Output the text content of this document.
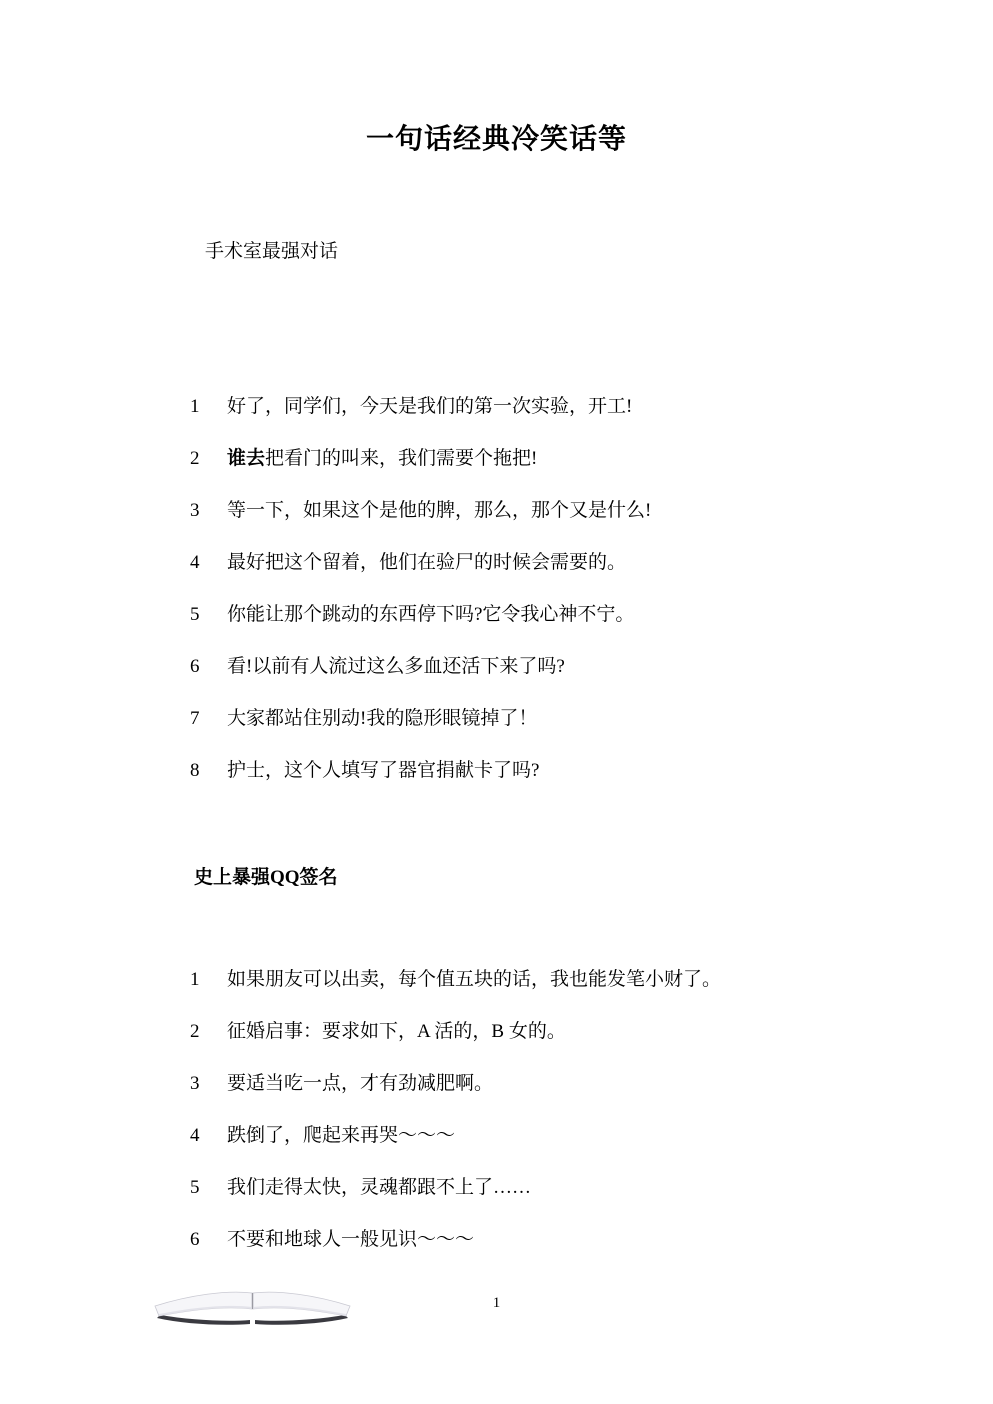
一句话经典冷笑话等
手术室最强对话
1	好了，同学们，今天是我们的第一次实验，开工!
2	谁去把看门的叫来，我们需要个拖把!
3	等一下，如果这个是他的脾，那么，那个又是什么!
4	最好把这个留着，他们在验尸的时候会需要的。
5	你能让那个跳动的东西停下吗?它令我心神不宁。
6	看!以前有人流过这么多血还活下来了吗?
7	大家都站住别动!我的隐形眼镜掉了！
8	护士，这个人填写了器官捐献卡了吗?
史上暴强QQ签名
1	如果朋友可以出卖，每个值五块的话，我也能发笔小财了。
2	征婚启事：要求如下，A 活的，B 女的。
3	要适当吃一点，才有劲减肥啊。
4	跌倒了，爬起来再哭～～～
5	我们走得太快，灵魂都跟不上了……
6	不要和地球人一般见识～～～
1
